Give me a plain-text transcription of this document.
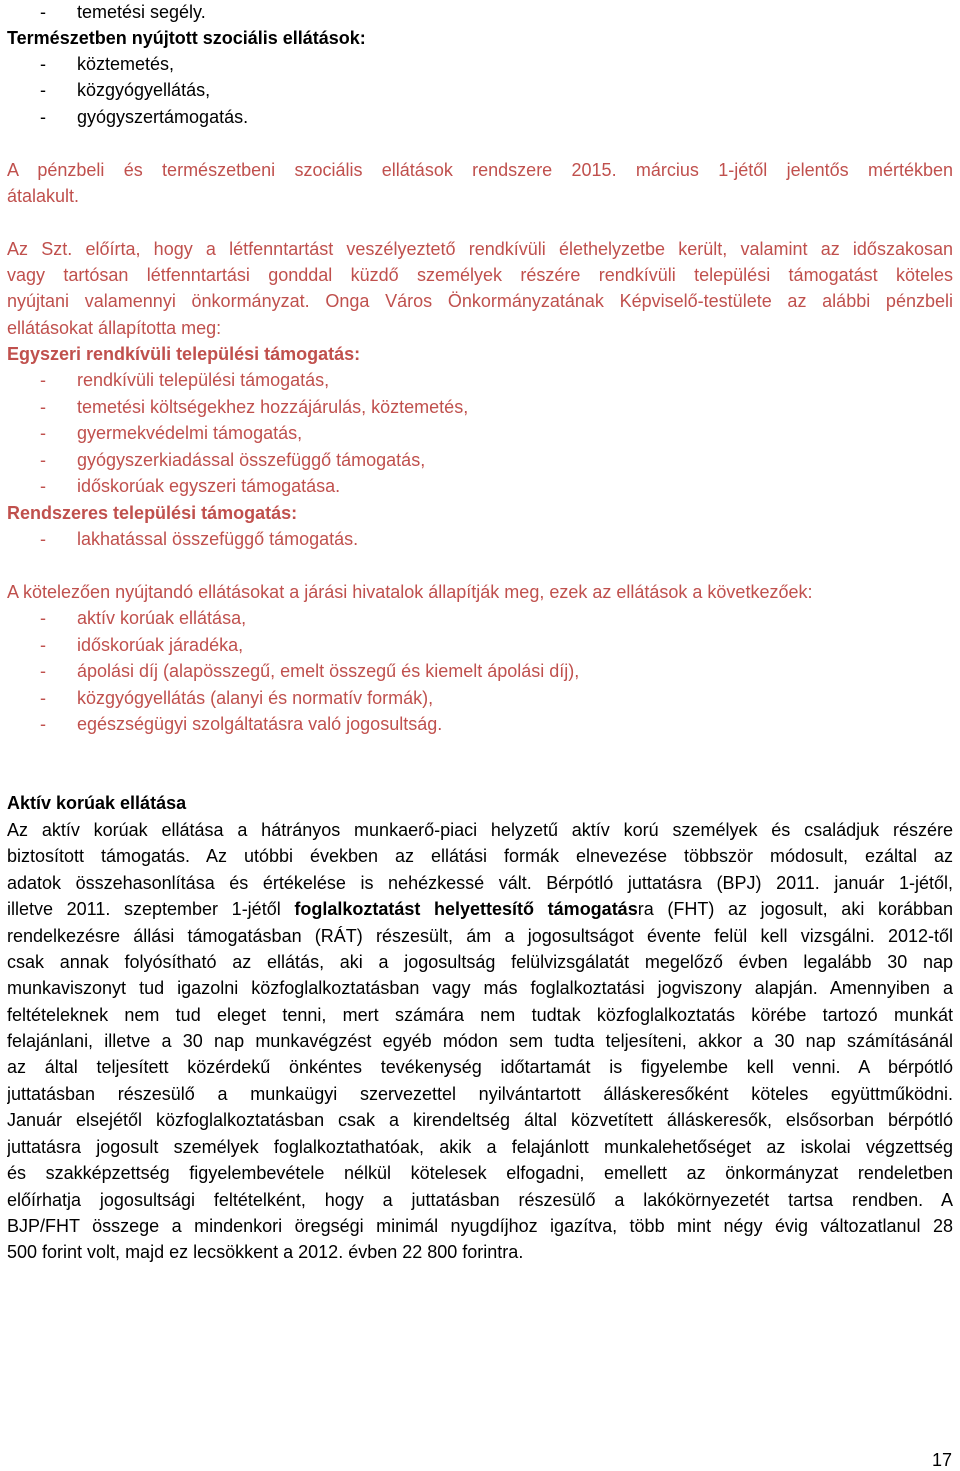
- temetési segély.
Természetben nyújtott szociális ellátások:
- köztemetés,
- közgyógyellátás,
- gyógyszertámogatás.
A pénzbeli és természetbeni szociális ellátások rendszere 2015. március 1-jétől jelentős mértékben
átalakult.
Az Szt. előírta, hogy a létfenntartást veszélyeztető rendkívüli élethelyzetbe került, valamint az időszakosan
vagy tartósan létfenntartási gonddal küzdő személyek részére rendkívüli települési támogatást köteles
nyújtani valamennyi önkormányzat. Onga Város Önkormányzatának Képviselő-testülete az alábbi pénzbeli
ellátásokat állapította meg:
Egyszeri rendkívüli települési támogatás:
- rendkívüli települési támogatás,
- temetési költségekhez hozzájárulás, köztemetés,
- gyermekvédelmi támogatás,
- gyógyszerkiadással összefüggő támogatás,
- időskorúak egyszeri támogatása.
Rendszeres települési támogatás:
- lakhatással összefüggő támogatás.
A kötelezően nyújtandó ellátásokat a járási hivatalok állapítják meg, ezek az ellátások a következőek:
- aktív korúak ellátása,
- időskorúak járadéka,
- ápolási díj (alapösszegű, emelt összegű és kiemelt ápolási díj),
- közgyógyellátás (alanyi és normatív formák),
- egészségügyi szolgáltatásra való jogosultság.
Aktív korúak ellátása
Az aktív korúak ellátása a hátrányos munkaerő-piaci helyzetű aktív korú személyek és családjuk részére
biztosított támogatás. Az utóbbi években az ellátási formák elnevezése többször módosult, ezáltal az
adatok összehasonlítása és értékelése is nehézkessé vált. Bérpótló juttatásra (BPJ) 2011. január 1-jétől,
illetve 2011. szeptember 1-jétől foglalkoztatást helyettesítő támogatásra (FHT) az jogosult, aki korábban
rendelkezésre állási támogatásban (RÁT) részesült, ám a jogosultságot évente felül kell vizsgálni. 2012-től
csak annak folyósítható az ellátás, aki a jogosultság felülvizsgálatát megelőző évben legalább 30 nap
munkaviszonyt tud igazolni közfoglalkoztatásban vagy más foglalkoztatási jogviszony alapján. Amennyiben a
feltételeknek nem tud eleget tenni, mert számára nem tudtak közfoglalkoztatás körébe tartozó munkát
felajánlani, illetve a 30 nap munkavégzést egyéb módon sem tudta teljesíteni, akkor a 30 nap számításánál
az által teljesített közérdekű önkéntes tevékenység időtartamát is figyelembe kell venni. A bérpótló
juttatásban részesülő a munkaügyi szervezettel nyilvántartott álláskeresőként köteles együttműködni.
Január elsejétől közfoglalkoztatásban csak a kirendeltség által közvetített álláskeresők, elsősorban bérpótló
juttatásra jogosult személyek foglalkoztathatóak, akik a felajánlott munkalehetőséget az iskolai végzettség
és szakképzettség figyelembevétele nélkül kötelesek elfogadni, emellett az önkormányzat rendeletben
előírhatja jogosultsági feltételként, hogy a juttatásban részesülő a lakókörnyezetét tartsa rendben. A
BJP/FHT összege a mindenkori öregségi minimál nyugdíjhoz igazítva, több mint négy évig változatlanul 28
500 forint volt, majd ez lecsökkent a 2012. évben 22 800 forintra.
17
